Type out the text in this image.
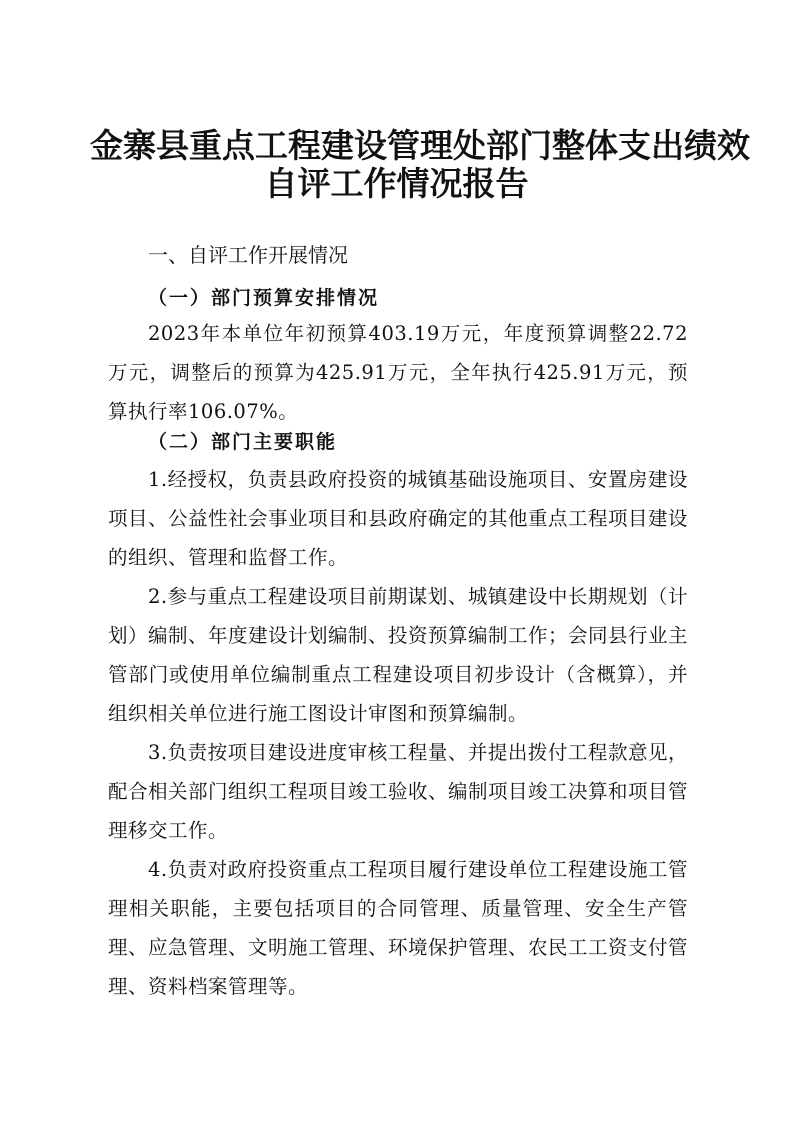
金寨县重点工程建设管理处部门整体支出绩效
自评工作情况报告
一、自评工作开展情况
（一）部门预算安排情况
2023年本单位年初预算403.19万元，年度预算调整22.72万元，调整后的预算为425.91万元，全年执行425.91万元，预算执行率106.07%。
（二）部门主要职能
1.经授权，负责县政府投资的城镇基础设施项目、安置房建设项目、公益性社会事业项目和县政府确定的其他重点工程项目建设的组织、管理和监督工作。
2.参与重点工程建设项目前期谋划、城镇建设中长期规划（计划）编制、年度建设计划编制、投资预算编制工作；会同县行业主管部门或使用单位编制重点工程建设项目初步设计（含概算），并组织相关单位进行施工图设计审图和预算编制。
3.负责按项目建设进度审核工程量、并提出拨付工程款意见，配合相关部门组织工程项目竣工验收、编制项目竣工决算和项目管理移交工作。
4.负责对政府投资重点工程项目履行建设单位工程建设施工管理相关职能，主要包括项目的合同管理、质量管理、安全生产管理、应急管理、文明施工管理、环境保护管理、农民工工资支付管理、资料档案管理等。
